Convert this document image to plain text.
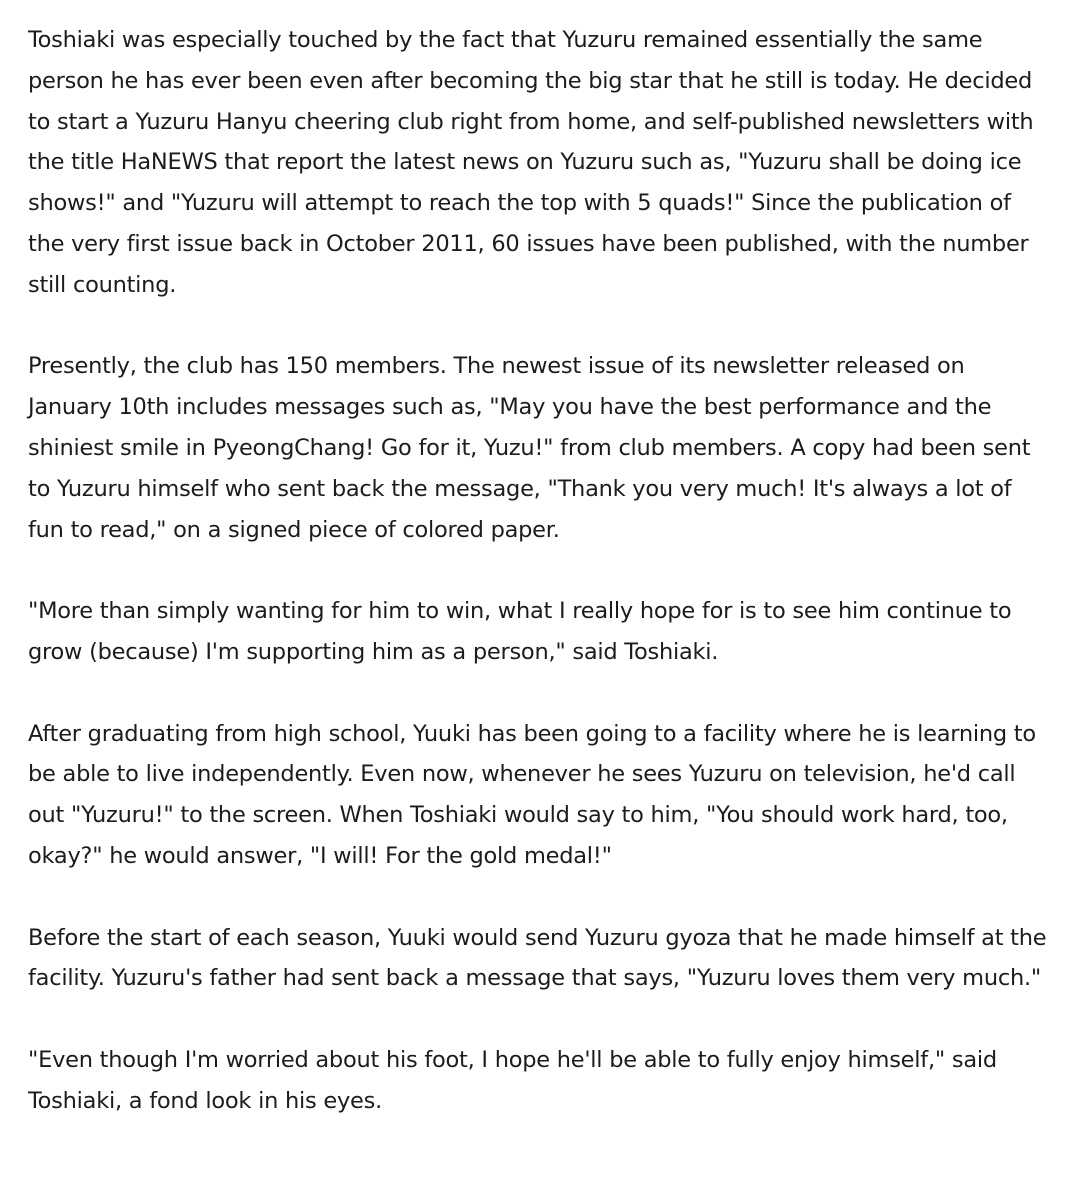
Toshiaki was especially touched by the fact that Yuzuru remained essentially the same person he has ever been even after becoming the big star that he still is today. He decided to start a Yuzuru Hanyu cheering club right from home, and self-published newsletters with the title HaNEWS that report the latest news on Yuzuru such as, "Yuzuru shall be doing ice shows!" and "Yuzuru will attempt to reach the top with 5 quads!" Since the publication of the very first issue back in October 2011, 60 issues have been published, with the number still counting.

Presently, the club has 150 members. The newest issue of its newsletter released on January 10th includes messages such as, "May you have the best performance and the shiniest smile in PyeongChang! Go for it, Yuzu!" from club members. A copy had been sent to Yuzuru himself who sent back the message, "Thank you very much! It's always a lot of fun to read," on a signed piece of colored paper.

"More than simply wanting for him to win, what I really hope for is to see him continue to grow (because) I'm supporting him as a person," said Toshiaki.

After graduating from high school, Yuuki has been going to a facility where he is learning to be able to live independently. Even now, whenever he sees Yuzuru on television, he'd call out "Yuzuru!" to the screen. When Toshiaki would say to him, "You should work hard, too, okay?" he would answer, "I will! For the gold medal!"

Before the start of each season, Yuuki would send Yuzuru gyoza that he made himself at the facility. Yuzuru's father had sent back a message that says, "Yuzuru loves them very much."

"Even though I'm worried about his foot, I hope he'll be able to fully enjoy himself," said Toshiaki, a fond look in his eyes.
